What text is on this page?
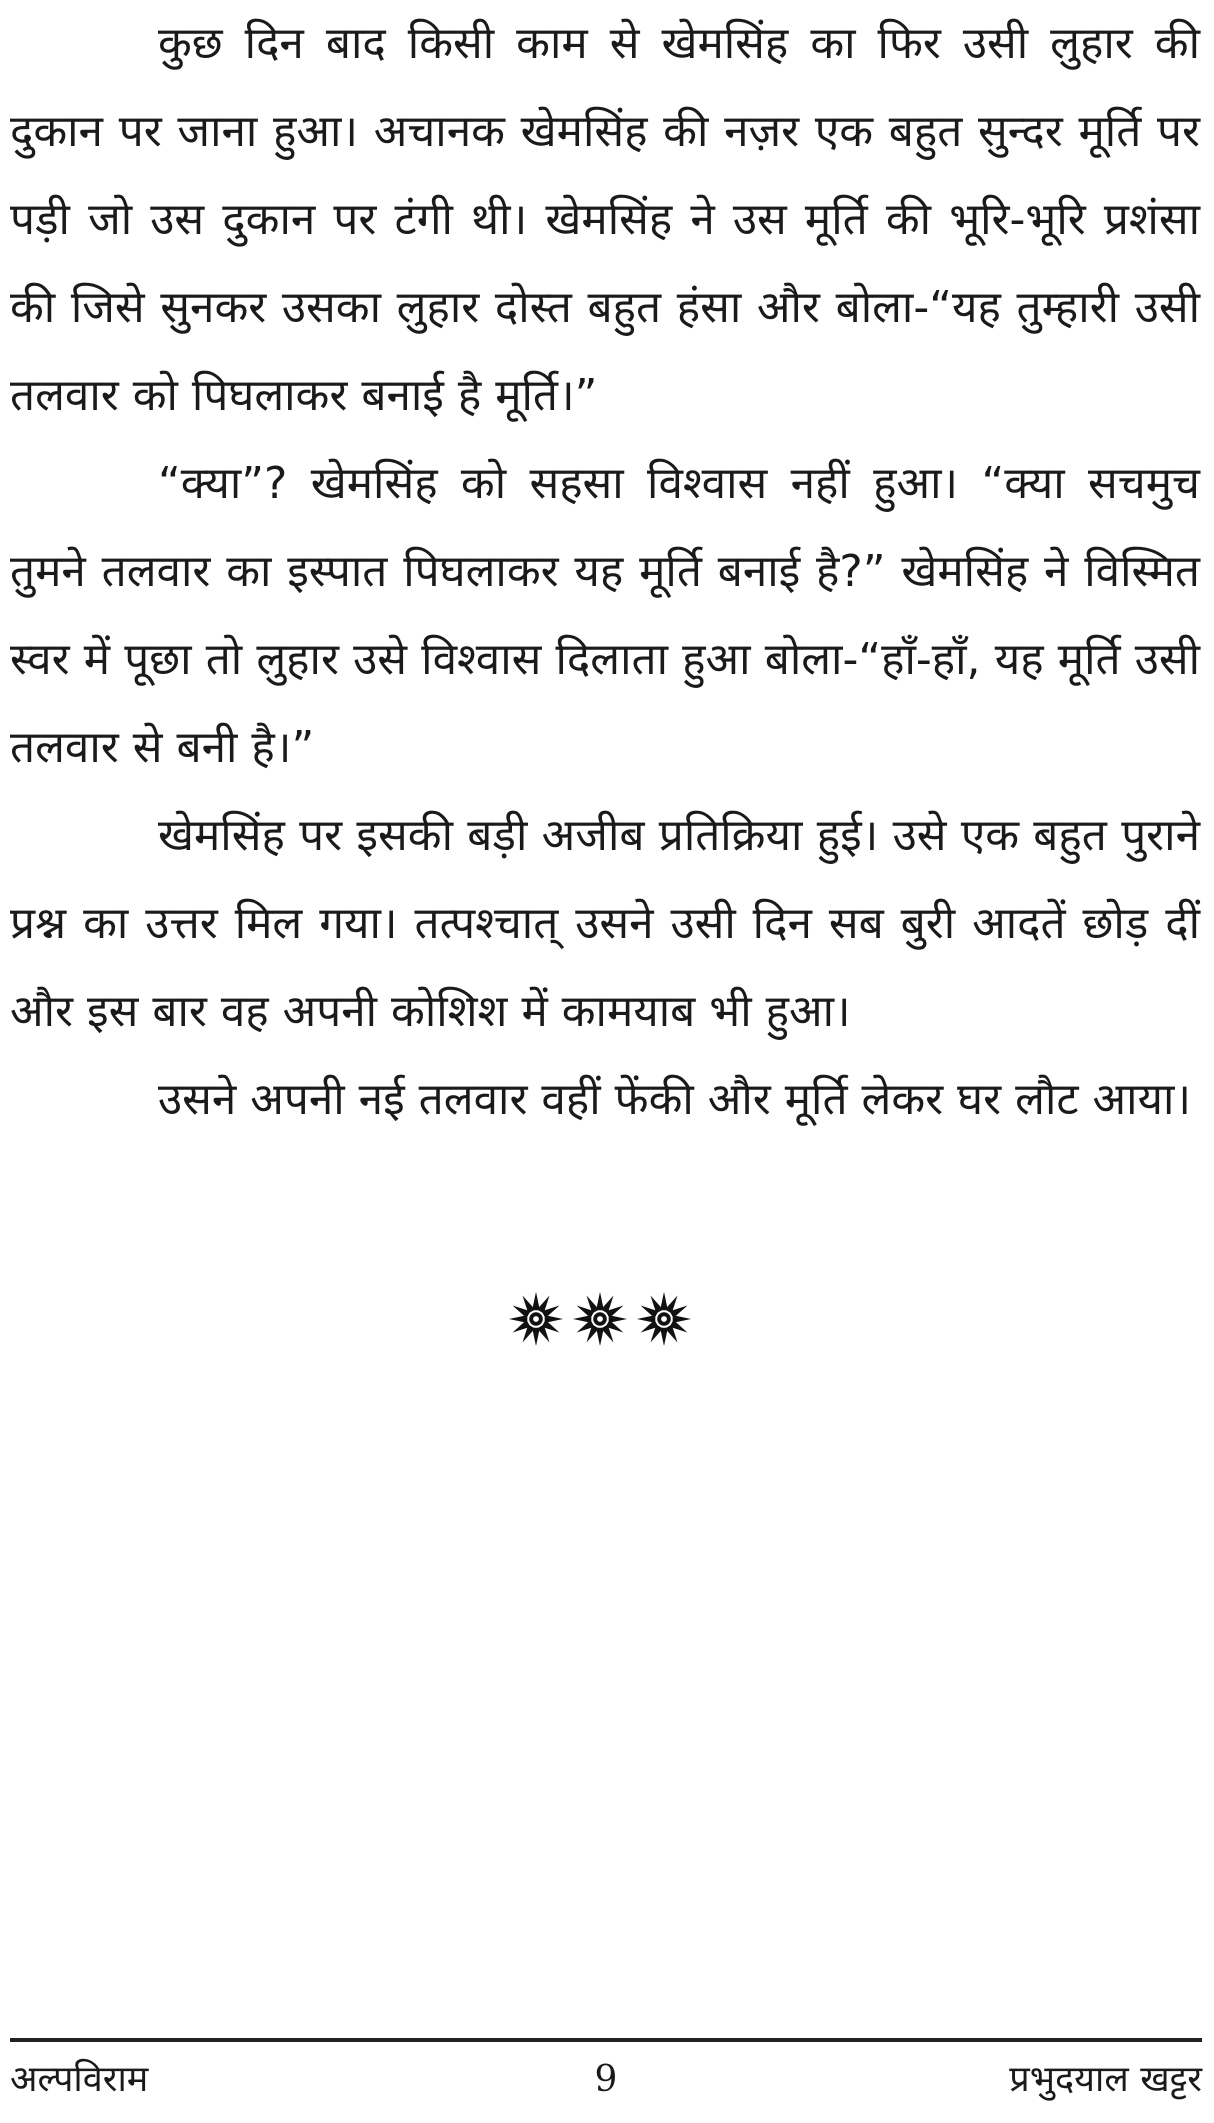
कुछ दिन बाद किसी काम से खेमसिंह का फिर उसी लुहार की दुकान पर जाना हुआ। अचानक खेमसिंह की नज़र एक बहुत सुन्दर मूर्ति पर पड़ी जो उस दुकान पर टंगी थी। खेमसिंह ने उस मूर्ति की भूरि-भूरि प्रशंसा की जिसे सुनकर उसका लुहार दोस्त बहुत हंसा और बोला-“यह तुम्हारी उसी तलवार को पिघलाकर बनाई है मूर्ति।”

“क्या”? खेमसिंह को सहसा विश्वास नहीं हुआ। “क्या सचमुच तुमने तलवार का इस्पात पिघलाकर यह मूर्ति बनाई है?” खेमसिंह ने विस्मित स्वर में पूछा तो लुहार उसे विश्वास दिलाता हुआ बोला-“हाँ-हाँ, यह मूर्ति उसी तलवार से बनी है।”

खेमसिंह पर इसकी बड़ी अजीब प्रतिक्रिया हुई। उसे एक बहुत पुराने प्रश्न का उत्तर मिल गया। तत्पश्चात् उसने उसी दिन सब बुरी आदतें छोड़ दीं और इस बार वह अपनी कोशिश में कामयाब भी हुआ।

उसने अपनी नई तलवार वहीं फेंकी और मूर्ति लेकर घर लौट आया।

अल्पविराम	9	प्रभुदयाल खट्टर
